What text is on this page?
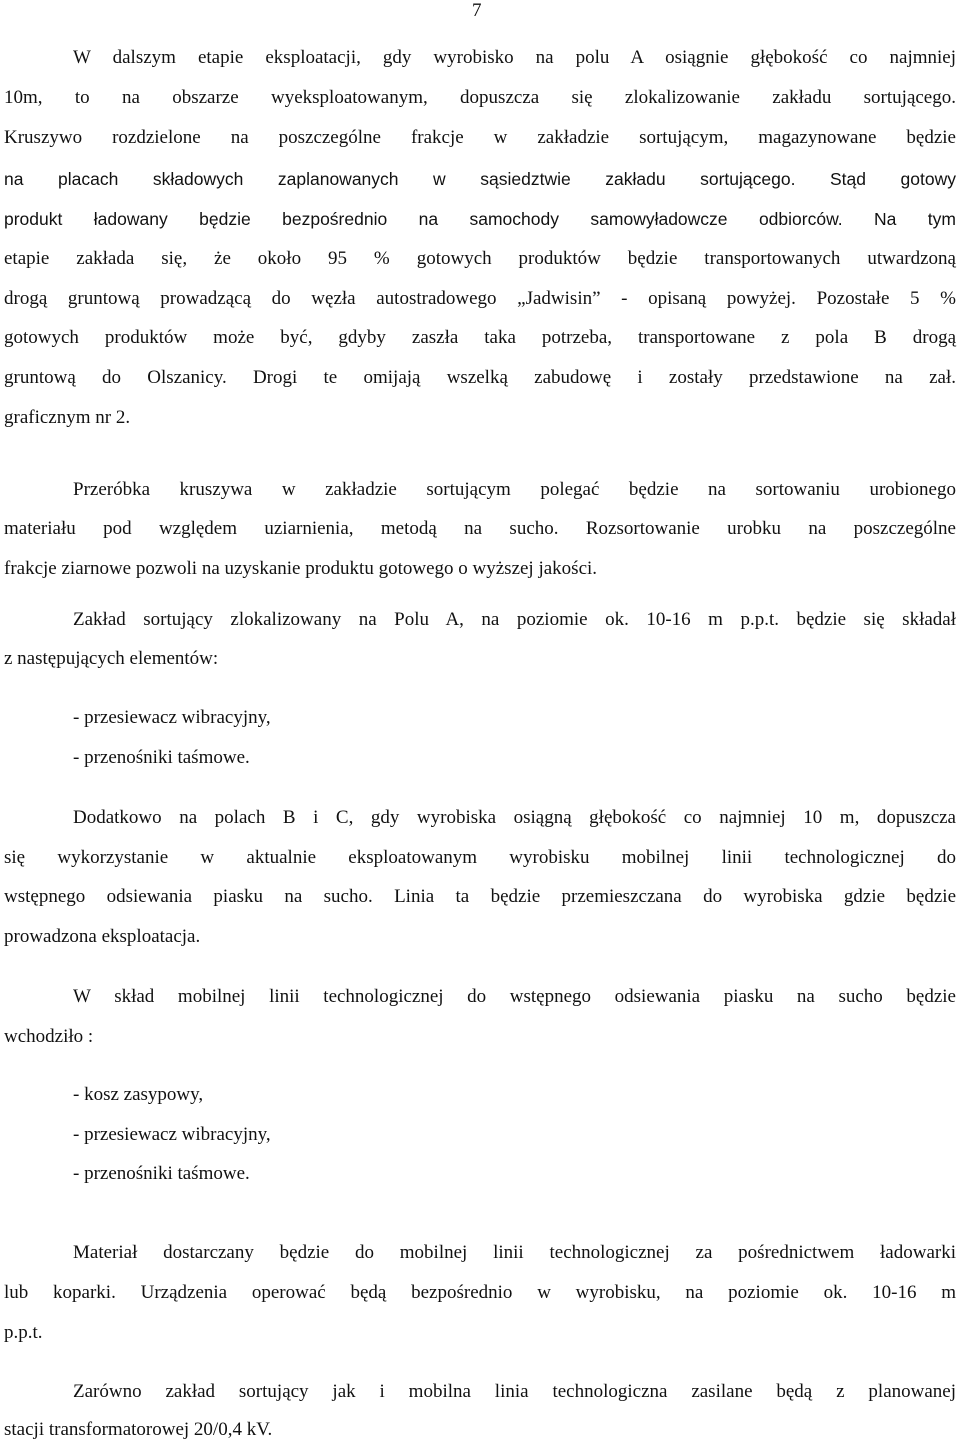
7
W dalszym etapie eksploatacji, gdy wyrobisko na polu A osiągnie głębokość co najmniej
10m, to na obszarze wyeksploatowanym, dopuszcza się zlokalizowanie zakładu sortującego.
Kruszywo rozdzielone na poszczególne frakcje w zakładzie sortującym, magazynowane będzie
na placach składowych zaplanowanych w sąsiedztwie zakładu sortującego. Stąd gotowy
produkt ładowany będzie bezpośrednio na samochody samowyładowcze odbiorców. Na tym
etapie zakłada się, że około 95 % gotowych produktów będzie transportowanych utwardzoną
drogą gruntową prowadzącą do węzła autostradowego „Jadwisin” - opisaną powyżej. Pozostałe 5 %
gotowych produktów może być, gdyby zaszła taka potrzeba, transportowane z pola B drogą
gruntową do Olszanicy. Drogi te omijają wszelką zabudowę i zostały przedstawione na zał.
graficznym nr 2.
Przeróbka kruszywa w zakładzie sortującym polegać będzie na sortowaniu urobionego
materiału pod względem uziarnienia, metodą na sucho. Rozsortowanie urobku na poszczególne
frakcje ziarnowe pozwoli na uzyskanie produktu gotowego o wyższej jakości.
Zakład sortujący zlokalizowany na Polu A, na poziomie ok. 10-16 m p.p.t. będzie się składał
z następujących elementów:
- przesiewacz wibracyjny,
- przenośniki taśmowe.
Dodatkowo na polach B i C, gdy wyrobiska osiągną głębokość co najmniej 10 m, dopuszcza
się wykorzystanie w aktualnie eksploatowanym wyrobisku mobilnej linii technologicznej do
wstępnego odsiewania piasku na sucho. Linia ta będzie przemieszczana do wyrobiska gdzie będzie
prowadzona eksploatacja.
W skład mobilnej linii technologicznej do wstępnego odsiewania piasku na sucho będzie
wchodziło :
- kosz zasypowy,
- przesiewacz wibracyjny,
- przenośniki taśmowe.
Materiał dostarczany będzie do mobilnej linii technologicznej za pośrednictwem ładowarki
lub koparki. Urządzenia operować będą bezpośrednio w wyrobisku, na poziomie ok. 10-16 m
p.p.t.
Zarówno zakład sortujący jak i mobilna linia technologiczna zasilane będą z planowanej
stacji transformatorowej 20/0,4 kV.
